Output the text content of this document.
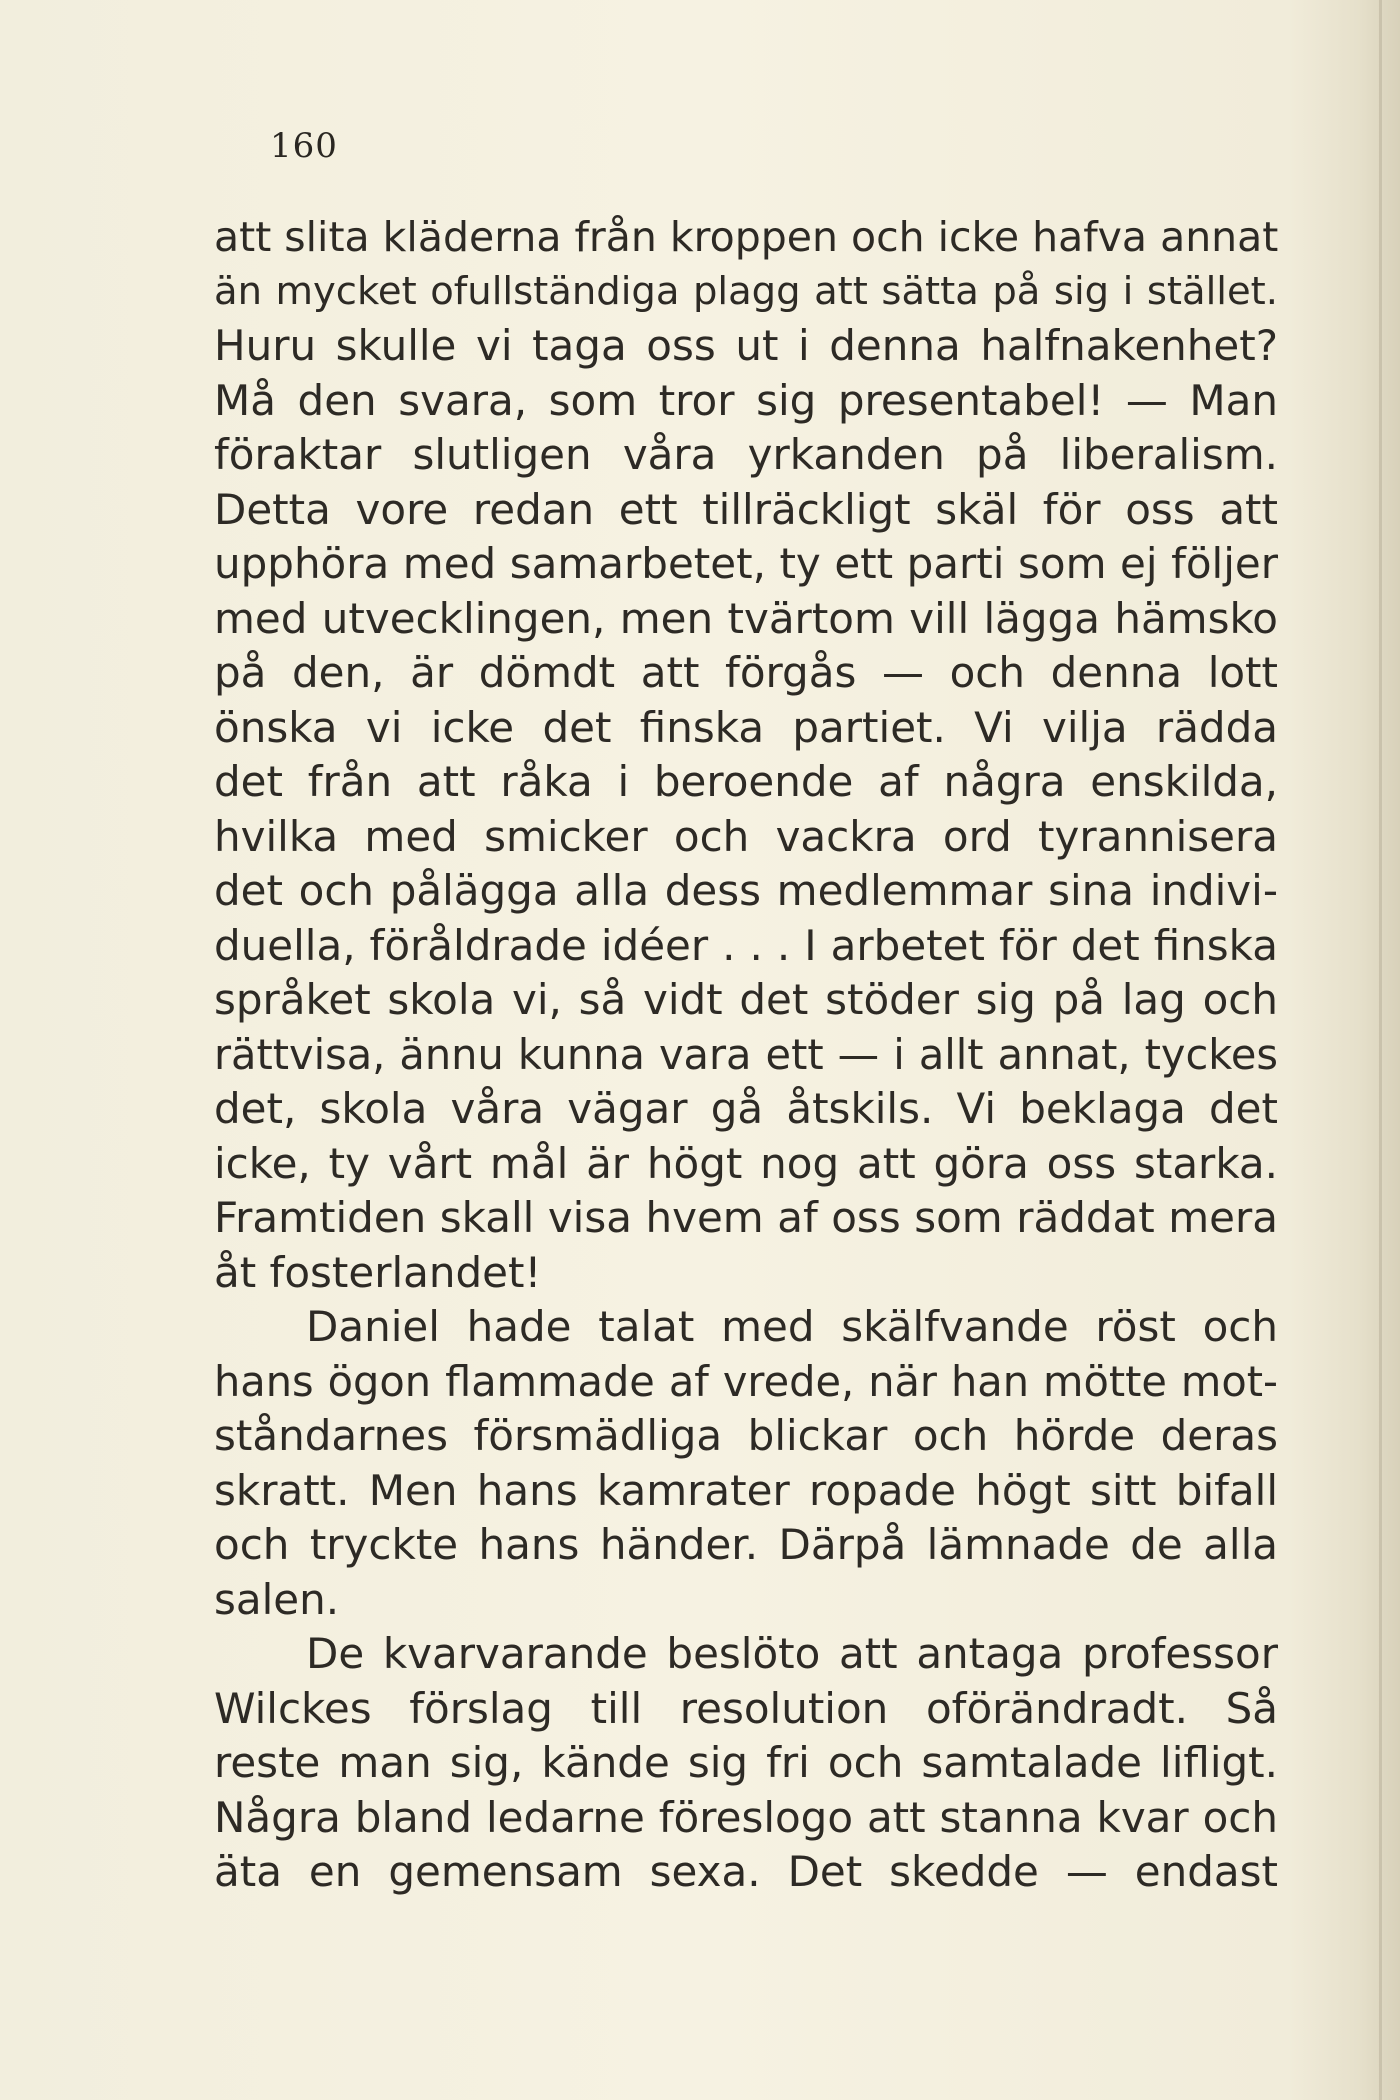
160
att slita kläderna från kroppen och icke hafva annat
än mycket ofullständiga plagg att sätta på sig i stället.
Huru skulle vi taga oss ut i denna halfnakenhet?
Må den svara, som tror sig presentabel! — Man
föraktar slutligen våra yrkanden på liberalism.
Detta vore redan ett tillräckligt skäl för oss att
upphöra med samarbetet, ty ett parti som ej följer
med utvecklingen, men tvärtom vill lägga hämsko
på den, är dömdt att förgås — och denna lott
önska vi icke det finska partiet. Vi vilja rädda
det från att råka i beroende af några enskilda,
hvilka med smicker och vackra ord tyrannisera
det och pålägga alla dess medlemmar sina indivi-
duella, föråldrade idéer . . . I arbetet för det finska
språket skola vi, så vidt det stöder sig på lag och
rättvisa, ännu kunna vara ett — i allt annat, tyckes
det, skola våra vägar gå åtskils. Vi beklaga det
icke, ty vårt mål är högt nog att göra oss starka.
Framtiden skall visa hvem af oss som räddat mera
åt fosterlandet!
Daniel hade talat med skälfvande röst och
hans ögon flammade af vrede, när han mötte mot-
ståndarnes försmädliga blickar och hörde deras
skratt. Men hans kamrater ropade högt sitt bifall
och tryckte hans händer. Därpå lämnade de alla
salen.
De kvarvarande beslöto att antaga professor
Wilckes förslag till resolution oförändradt. Så
reste man sig, kände sig fri och samtalade lifligt.
Några bland ledarne föreslogo att stanna kvar och
äta en gemensam sexa. Det skedde — endast
